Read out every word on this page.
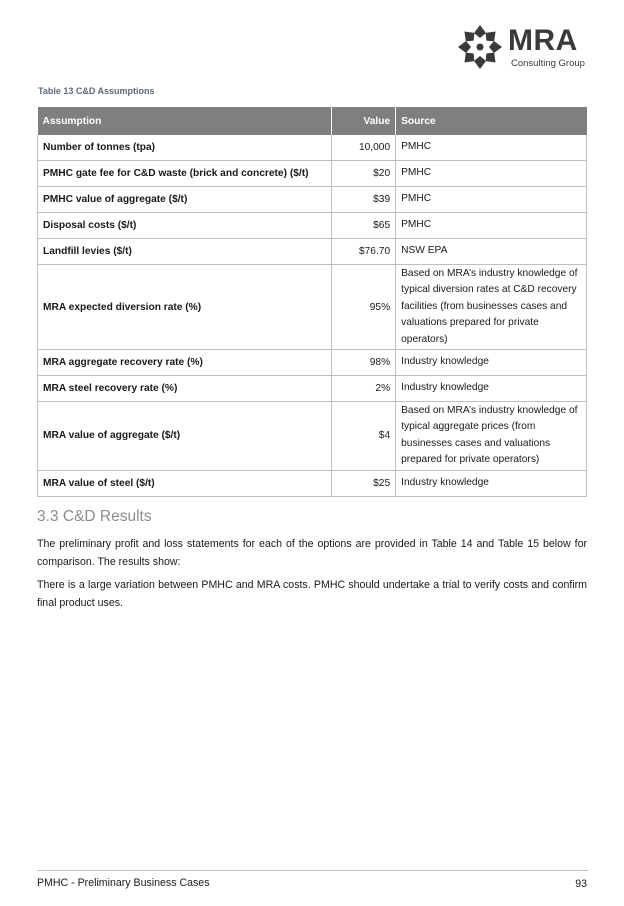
MRA
Consulting Group
Table 13 C&D Assumptions
Assumption	Value	Source
Number of tonnes (tpa)	10,000	PMHC
PMHC gate fee for C&D waste (brick and concrete) ($/t)	$20	PMHC
PMHC value of aggregate ($/t)	$39	PMHC
Disposal costs ($/t)	$65	PMHC
Landfill levies ($/t)	$76.70	NSW EPA
MRA expected diversion rate (%)	95%	Based on MRA’s industry knowledge of typical diversion rates at C&D recovery facilities (from businesses cases and valuations prepared for private operators)
MRA aggregate recovery rate (%)	98%	Industry knowledge
MRA steel recovery rate (%)	2%	Industry knowledge
MRA value of aggregate ($/t)	$4	Based on MRA’s industry knowledge of typical aggregate prices (from businesses cases and valuations prepared for private operators)
MRA value of steel ($/t)	$25	Industry knowledge
3.3 C&D Results

The preliminary profit and loss statements for each of the options are provided in Table 14 and Table 15 below for comparison. The results show:

There is a large variation between PMHC and MRA costs. PMHC should undertake a trial to verify costs and confirm final product uses.

PMHC - Preliminary Business Cases	93
